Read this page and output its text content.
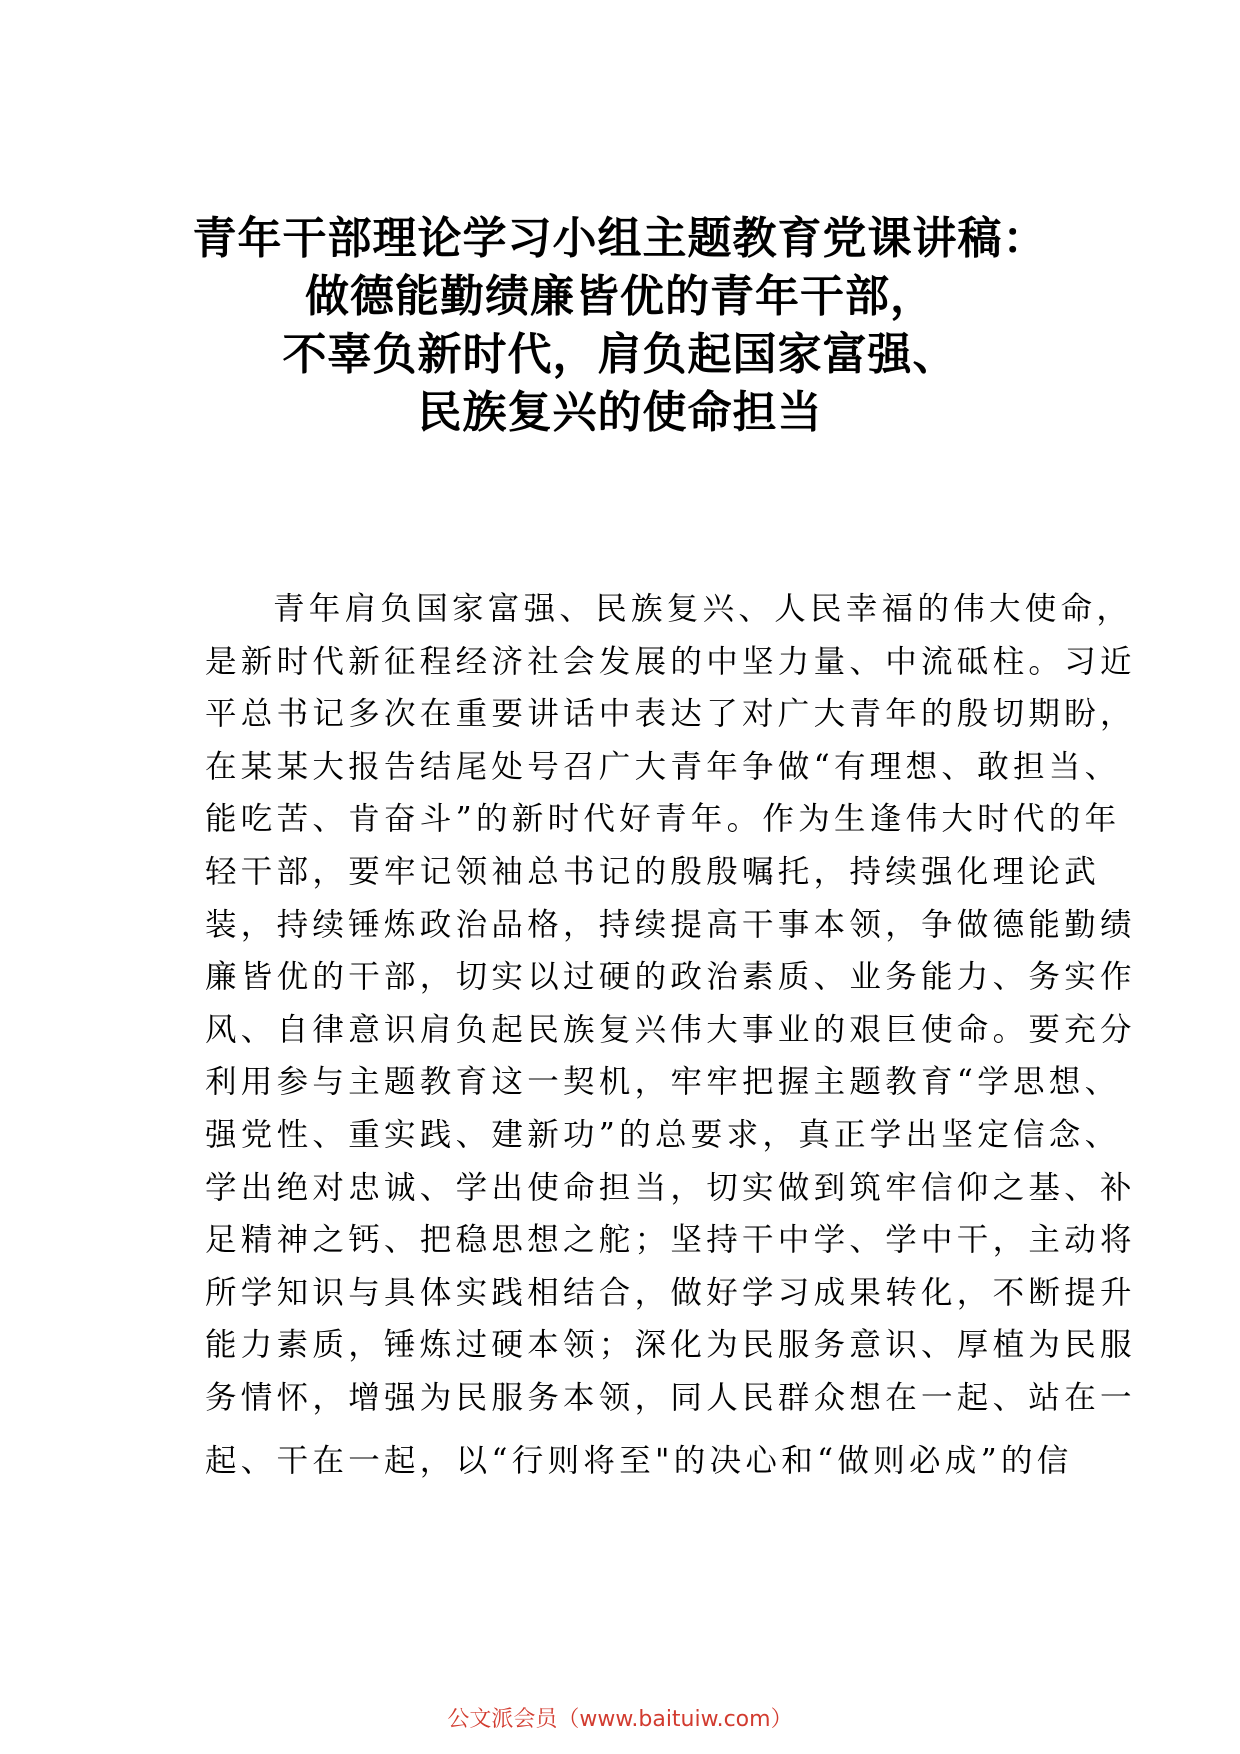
青年干部理论学习小组主题教育党课讲稿：
做德能勤绩廉皆优的青年干部，
不辜负新时代，肩负起国家富强、
民族复兴的使命担当
青年肩负国家富强、民族复兴、人民幸福的伟大使命，
是新时代新征程经济社会发展的中坚力量、中流砥柱。习近
平总书记多次在重要讲话中表达了对广大青年的殷切期盼，
在某某大报告结尾处号召广大青年争做“有理想、敢担当、
能吃苦、肯奋斗”的新时代好青年。作为生逢伟大时代的年
轻干部，要牢记领袖总书记的殷殷嘱托，持续强化理论武
装，持续锤炼政治品格，持续提高干事本领，争做德能勤绩
廉皆优的干部，切实以过硬的政治素质、业务能力、务实作
风、自律意识肩负起民族复兴伟大事业的艰巨使命。要充分
利用参与主题教育这一契机，牢牢把握主题教育“学思想、
强党性、重实践、建新功”的总要求，真正学出坚定信念、
学出绝对忠诚、学出使命担当，切实做到筑牢信仰之基、补
足精神之钙、把稳思想之舵；坚持干中学、学中干，主动将
所学知识与具体实践相结合，做好学习成果转化，不断提升
能力素质，锤炼过硬本领；深化为民服务意识、厚植为民服
务情怀，增强为民服务本领，同人民群众想在一起、站在一
起、干在一起，以“行则将至"的决心和“做则必成”的信
公文派会员（www.baituiw.com）
